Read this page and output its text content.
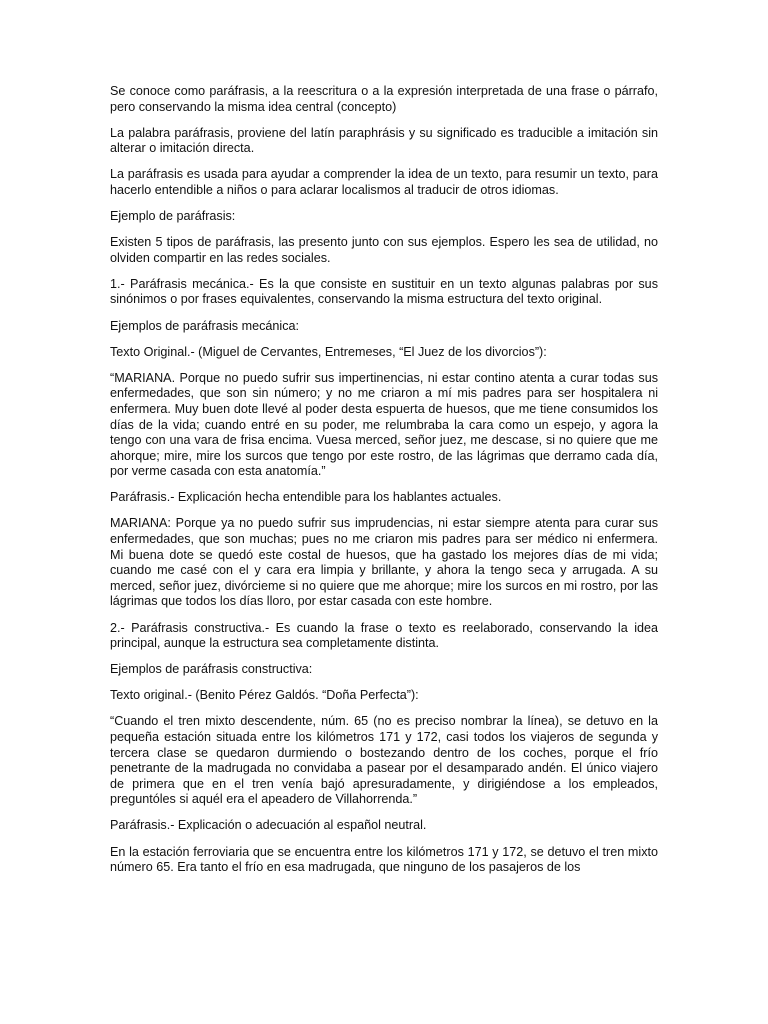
Se conoce como paráfrasis, a la reescritura o a la expresión interpretada de una frase o párrafo, pero conservando la misma idea central (concepto)

La palabra paráfrasis, proviene del latín paraphrásis y su significado es traducible a imitación sin alterar o imitación directa.

La paráfrasis es usada para ayudar a comprender la idea de un texto, para resumir un texto, para hacerlo entendible a niños o para aclarar localismos al traducir de otros idiomas.

Ejemplo de paráfrasis:

Existen 5 tipos de paráfrasis, las presento junto con sus ejemplos. Espero les sea de utilidad, no olviden compartir en las redes sociales.

1.- Paráfrasis mecánica.- Es la que consiste en sustituir en un texto algunas palabras por sus sinónimos o por frases equivalentes, conservando la misma estructura del texto original.

Ejemplos de paráfrasis mecánica:

Texto Original.- (Miguel de Cervantes, Entremeses, “El Juez de los divorcios”):

“MARIANA. Porque no puedo sufrir sus impertinencias, ni estar contino atenta a curar todas sus enfermedades, que son sin número; y no me criaron a mí mis padres para ser hospitalera ni enfermera. Muy buen dote llevé al poder desta espuerta de huesos, que me tiene consumidos los días de la vida; cuando entré en su poder, me relumbraba la cara como un espejo, y agora la tengo con una vara de frisa encima. Vuesa merced, señor juez, me descase, si no quiere que me ahorque; mire, mire los surcos que tengo por este rostro, de las lágrimas que derramo cada día, por verme casada con esta anatomía.”

Paráfrasis.- Explicación hecha entendible para los hablantes actuales.

MARIANA: Porque ya no puedo sufrir sus imprudencias, ni estar siempre atenta para curar sus enfermedades, que son muchas; pues no me criaron mis padres para ser médico ni enfermera. Mi buena dote se quedó este costal de huesos, que ha gastado los mejores días de mi vida; cuando me casé con el y cara era limpia y brillante, y ahora la tengo seca y arrugada. A su merced, señor juez, divórcieme si no quiere que me ahorque; mire los surcos en mi rostro, por las lágrimas que todos los días lloro, por estar casada con este hombre.

2.- Paráfrasis constructiva.- Es cuando la frase o texto es reelaborado, conservando la idea principal, aunque la estructura sea completamente distinta.

Ejemplos de paráfrasis constructiva:

Texto original.- (Benito Pérez Galdós. “Doña Perfecta”):

“Cuando el tren mixto descendente, núm. 65 (no es preciso nombrar la línea), se detuvo en la pequeña estación situada entre los kilómetros 171 y 172, casi todos los viajeros de segunda y tercera clase se quedaron durmiendo o bostezando dentro de los coches, porque el frío penetrante de la madrugada no convidaba a pasear por el desamparado andén. El único viajero de primera que en el tren venía bajó apresuradamente, y dirigiéndose a los empleados, preguntóles si aquél era el apeadero de Villahorrenda.”

Paráfrasis.- Explicación o adecuación al español neutral.

En la estación ferroviaria que se encuentra entre los kilómetros 171 y 172, se detuvo el tren mixto número 65. Era tanto el frío en esa madrugada, que ninguno de los pasajeros de los
